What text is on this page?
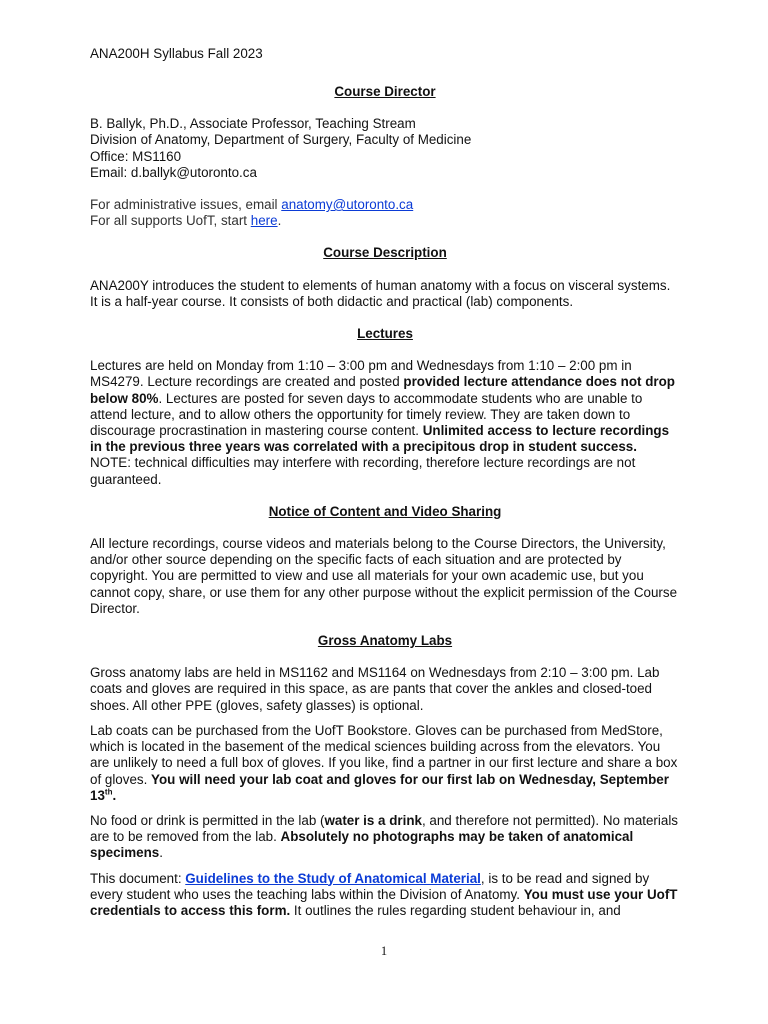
ANA200H Syllabus Fall 2023

Course Director

B. Ballyk, Ph.D., Associate Professor, Teaching Stream

Division of Anatomy, Department of Surgery, Faculty of Medicine

Office: MS1160

Email: d.ballyk@utoronto.ca

For administrative issues, email anatomy@utoronto.ca

For all supports UofT, start here.

Course Description

ANA200Y introduces the student to elements of human anatomy with a focus on visceral systems. It is a half-year course. It consists of both didactic and practical (lab) components.

Lectures

Lectures are held on Monday from 1:10 – 3:00 pm and Wednesdays from 1:10 – 2:00 pm in MS4279. Lecture recordings are created and posted provided lecture attendance does not drop below 80%. Lectures are posted for seven days to accommodate students who are unable to attend lecture, and to allow others the opportunity for timely review. They are taken down to discourage procrastination in mastering course content. Unlimited access to lecture recordings in the previous three years was correlated with a precipitous drop in student success. NOTE: technical difficulties may interfere with recording, therefore lecture recordings are not guaranteed.

Notice of Content and Video Sharing

All lecture recordings, course videos and materials belong to the Course Directors, the University, and/or other source depending on the specific facts of each situation and are protected by copyright. You are permitted to view and use all materials for your own academic use, but you cannot copy, share, or use them for any other purpose without the explicit permission of the Course Director.

Gross Anatomy Labs

Gross anatomy labs are held in MS1162 and MS1164 on Wednesdays from 2:10 – 3:00 pm. Lab coats and gloves are required in this space, as are pants that cover the ankles and closed-toed shoes. All other PPE (gloves, safety glasses) is optional.

Lab coats can be purchased from the UofT Bookstore. Gloves can be purchased from MedStore, which is located in the basement of the medical sciences building across from the elevators. You are unlikely to need a full box of gloves. If you like, find a partner in our first lecture and share a box of gloves. You will need your lab coat and gloves for our first lab on Wednesday, September 13th.

No food or drink is permitted in the lab (water is a drink, and therefore not permitted). No materials are to be removed from the lab. Absolutely no photographs may be taken of anatomical specimens.

This document: Guidelines to the Study of Anatomical Material, is to be read and signed by every student who uses the teaching labs within the Division of Anatomy. You must use your UofT credentials to access this form. It outlines the rules regarding student behaviour in, and

1
